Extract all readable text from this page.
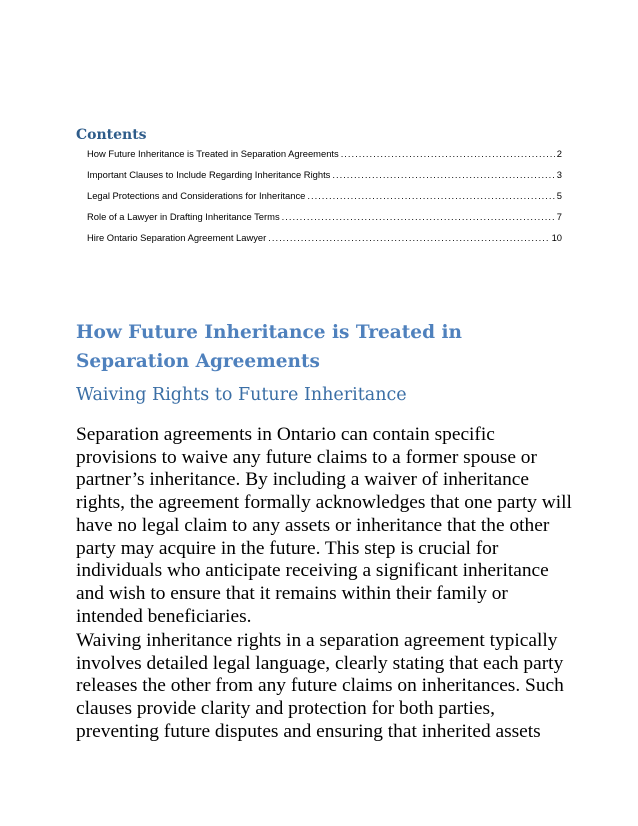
Contents
How Future Inheritance is Treated in Separation Agreements .....	2
Important Clauses to Include Regarding Inheritance Rights .....	3
Legal Protections and Considerations for Inheritance .....	5
Role of a Lawyer in Drafting Inheritance Terms .....	7
Hire Ontario Separation Agreement Lawyer .....	10
How Future Inheritance is Treated in Separation Agreements
Waiving Rights to Future Inheritance

Separation agreements in Ontario can contain specific provisions to waive any future claims to a former spouse or partner’s inheritance. By including a waiver of inheritance rights, the agreement formally acknowledges that one party will have no legal claim to any assets or inheritance that the other party may acquire in the future. This step is crucial for individuals who anticipate receiving a significant inheritance and wish to ensure that it remains within their family or intended beneficiaries.

Waiving inheritance rights in a separation agreement typically involves detailed legal language, clearly stating that each party releases the other from any future claims on inheritances. Such clauses provide clarity and protection for both parties, preventing future disputes and ensuring that inherited assets
